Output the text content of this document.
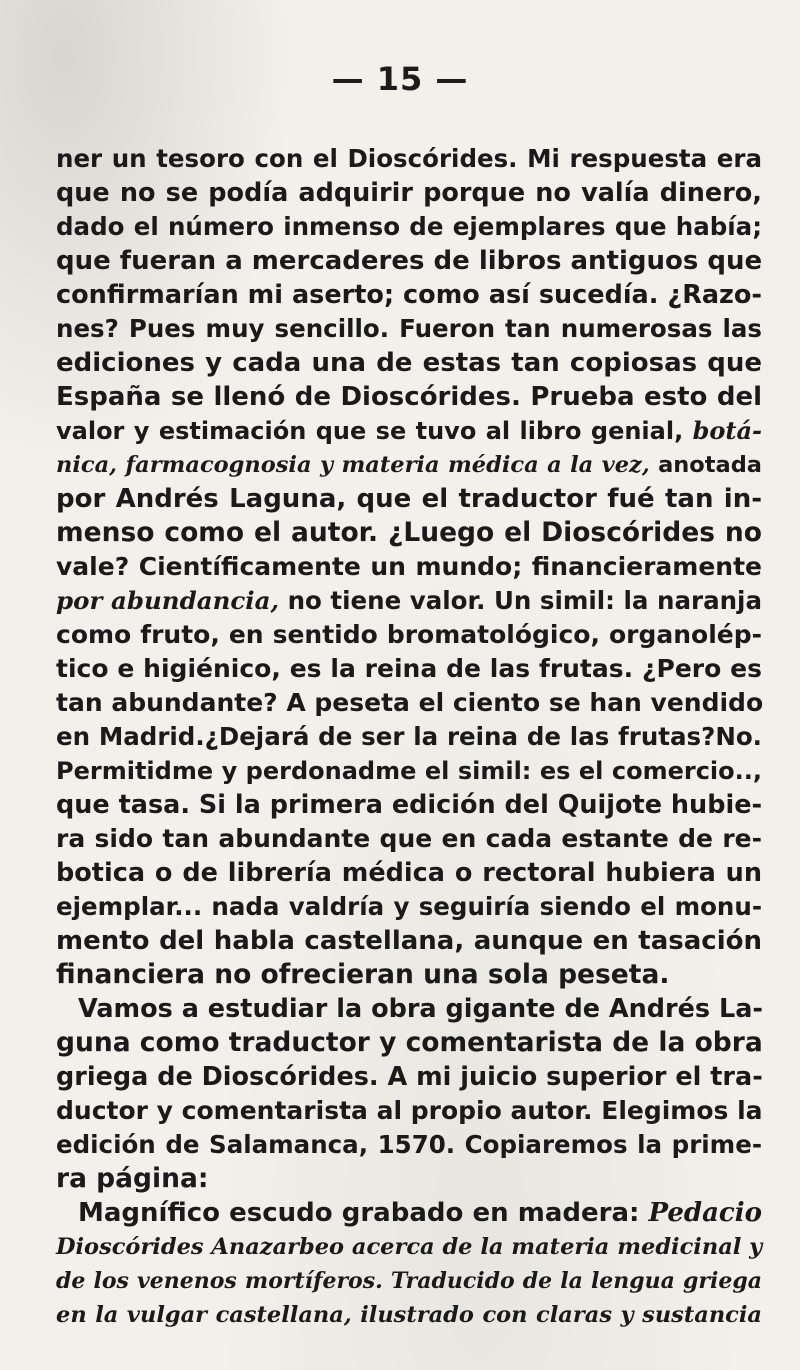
— 15 —
ner un tesoro con el Dioscórides. Mi respuesta era
que no se podía adquirir porque no valía dinero,
dado el número inmenso de ejemplares que había;
que fueran a mercaderes de libros antiguos que
confirmarían mi aserto; como así sucedía. ¿Razo-
nes? Pues muy sencillo. Fueron tan numerosas las
ediciones y cada una de estas tan copiosas que
España se llenó de Dioscórides. Prueba esto del
valor y estimación que se tuvo al libro genial, botá-
nica, farmacognosia y materia médica a la vez, anotada
por Andrés Laguna, que el traductor fué tan in-
menso como el autor. ¿Luego el Dioscórides no
vale? Científicamente un mundo; financieramente
por abundancia, no tiene valor. Un simil: la naranja
como fruto, en sentido bromatológico, organolép-
tico e higiénico, es la reina de las frutas. ¿Pero es
tan abundante? A peseta el ciento se han vendido
en Madrid.¿Dejará de ser la reina de las frutas?No.
Permitidme y perdonadme el simil: es el comercio..,
que tasa. Si la primera edición del Quijote hubie-
ra sido tan abundante que en cada estante de re-
botica o de librería médica o rectoral hubiera un
ejemplar... nada valdría y seguiría siendo el monu-
mento del habla castellana, aunque en tasación
financiera no ofrecieran una sola peseta.
Vamos a estudiar la obra gigante de Andrés La-
guna como traductor y comentarista de la obra
griega de Dioscórides. A mi juicio superior el tra-
ductor y comentarista al propio autor. Elegimos la
edición de Salamanca, 1570. Copiaremos la prime-
ra página:
Magnífico escudo grabado en madera: Pedacio
Dioscórides Anazarbeo acerca de la materia medicinal y
de los venenos mortíferos. Traducido de la lengua griega
en la vulgar castellana, ilustrado con claras y sustancia
